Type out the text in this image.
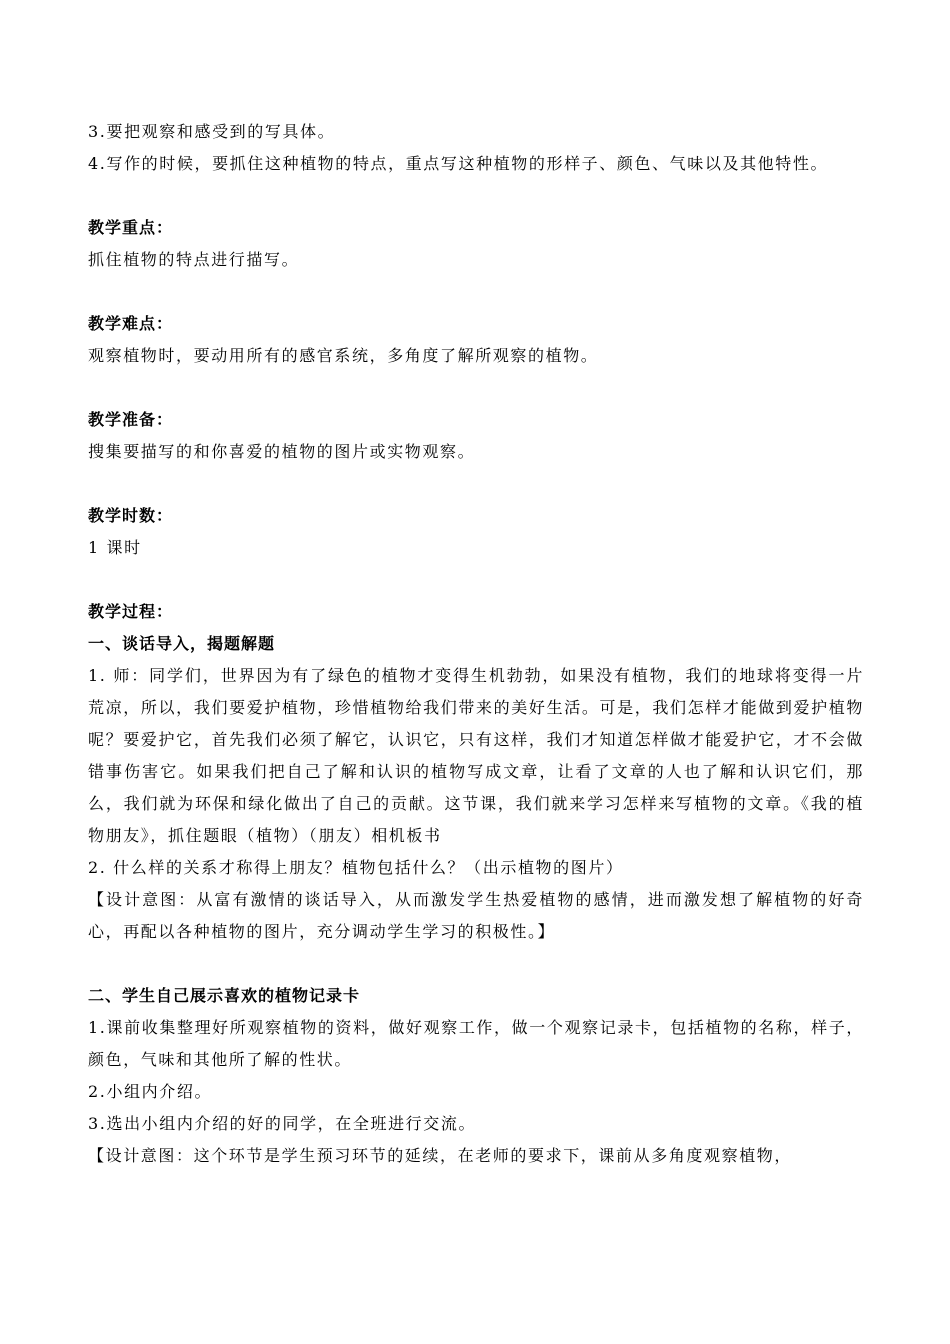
3.要把观察和感受到的写具体。
4.写作的时候，要抓住这种植物的特点，重点写这种植物的形样子、颜色、气味以及其他特性。
教学重点：
抓住植物的特点进行描写。
教学难点：
观察植物时，要动用所有的感官系统，多角度了解所观察的植物。
教学准备：
搜集要描写的和你喜爱的植物的图片或实物观察。
教学时数：
1 课时
教学过程：
一、谈话导入，揭题解题
1. 师：同学们，世界因为有了绿色的植物才变得生机勃勃，如果没有植物，我们的地球将变得一片荒凉，所以，我们要爱护植物，珍惜植物给我们带来的美好生活。可是，我们怎样才能做到爱护植物呢？要爱护它，首先我们必须了解它，认识它，只有这样，我们才知道怎样做才能爱护它，才不会做错事伤害它。如果我们把自己了解和认识的植物写成文章，让看了文章的人也了解和认识它们，那么，我们就为环保和绿化做出了自己的贡献。这节课，我们就来学习怎样来写植物的文章。《我的植物朋友》，抓住题眼（植物）（朋友）相机板书
2. 什么样的关系才称得上朋友？植物包括什么？（出示植物的图片）
【设计意图：从富有激情的谈话导入，从而激发学生热爱植物的感情，进而激发想了解植物的好奇心，再配以各种植物的图片，充分调动学生学习的积极性。】
二、学生自己展示喜欢的植物记录卡
1.课前收集整理好所观察植物的资料，做好观察工作，做一个观察记录卡，包括植物的名称，样子，颜色，气味和其他所了解的性状。
2.小组内介绍。
3.选出小组内介绍的好的同学，在全班进行交流。
【设计意图：这个环节是学生预习环节的延续，在老师的要求下，课前从多角度观察植物，
